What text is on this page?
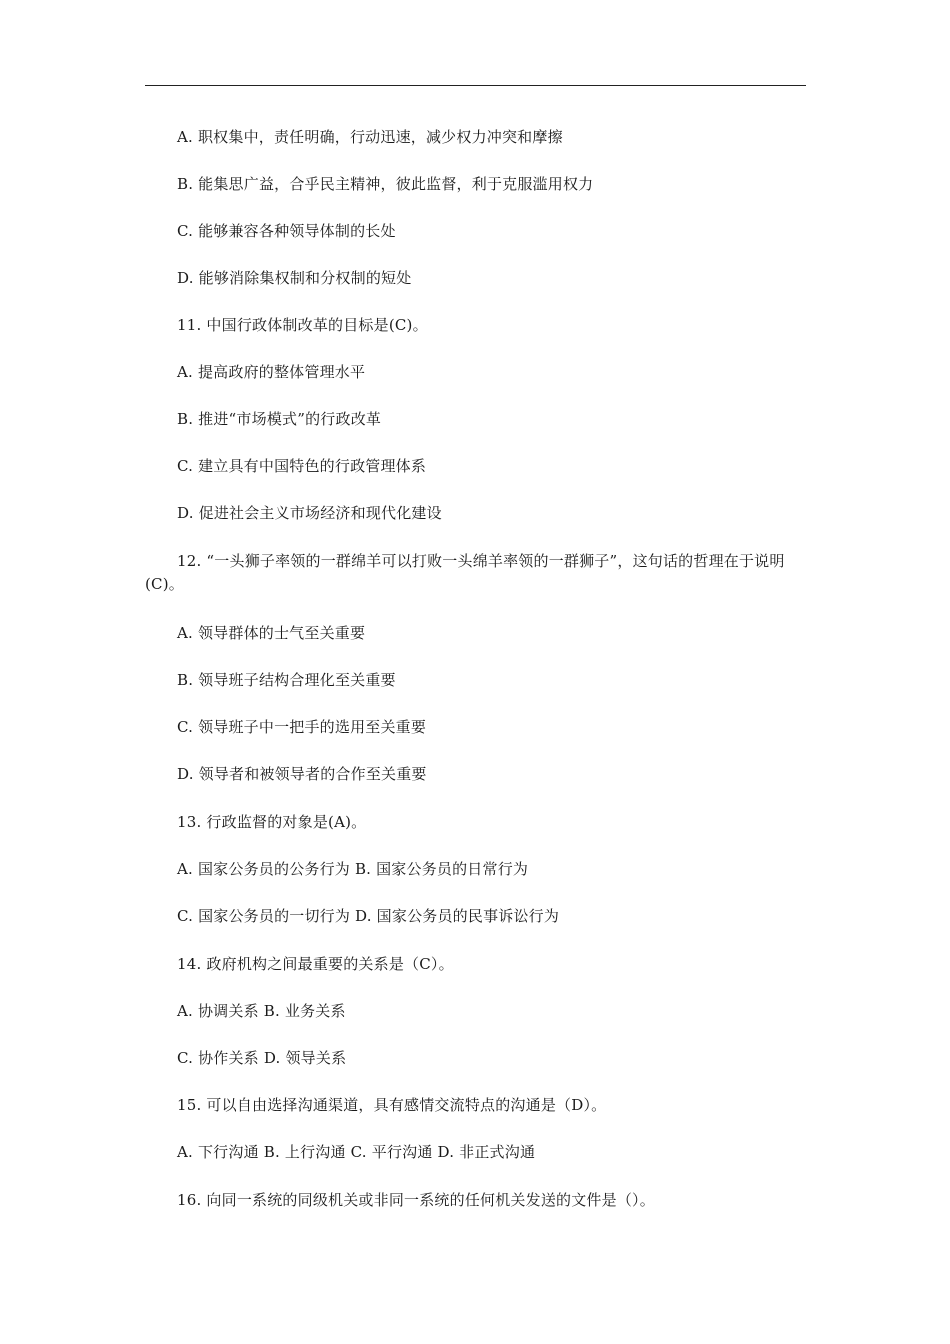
A. 职权集中，责任明确，行动迅速，减少权力冲突和摩擦
B. 能集思广益，合乎民主精神，彼此监督，利于克服滥用权力
C. 能够兼容各种领导体制的长处
D. 能够消除集权制和分权制的短处
11. 中国行政体制改革的目标是(C)。
A. 提高政府的整体管理水平
B. 推进“市场模式”的行政改革
C. 建立具有中国特色的行政管理体系
D. 促进社会主义市场经济和现代化建设
12. “一头狮子率领的一群绵羊可以打败一头绵羊率领的一群狮子”，这句话的哲理在于说明(C)。
A. 领导群体的士气至关重要
B. 领导班子结构合理化至关重要
C. 领导班子中一把手的选用至关重要
D. 领导者和被领导者的合作至关重要
13. 行政监督的对象是(A)。
A. 国家公务员的公务行为 B. 国家公务员的日常行为
C. 国家公务员的一切行为 D. 国家公务员的民事诉讼行为
14. 政府机构之间最重要的关系是（C）。
A. 协调关系 B. 业务关系
C. 协作关系 D. 领导关系
15. 可以自由选择沟通渠道，具有感情交流特点的沟通是（D）。
A. 下行沟通 B. 上行沟通 C. 平行沟通 D. 非正式沟通
16. 向同一系统的同级机关或非同一系统的任何机关发送的文件是（）。
